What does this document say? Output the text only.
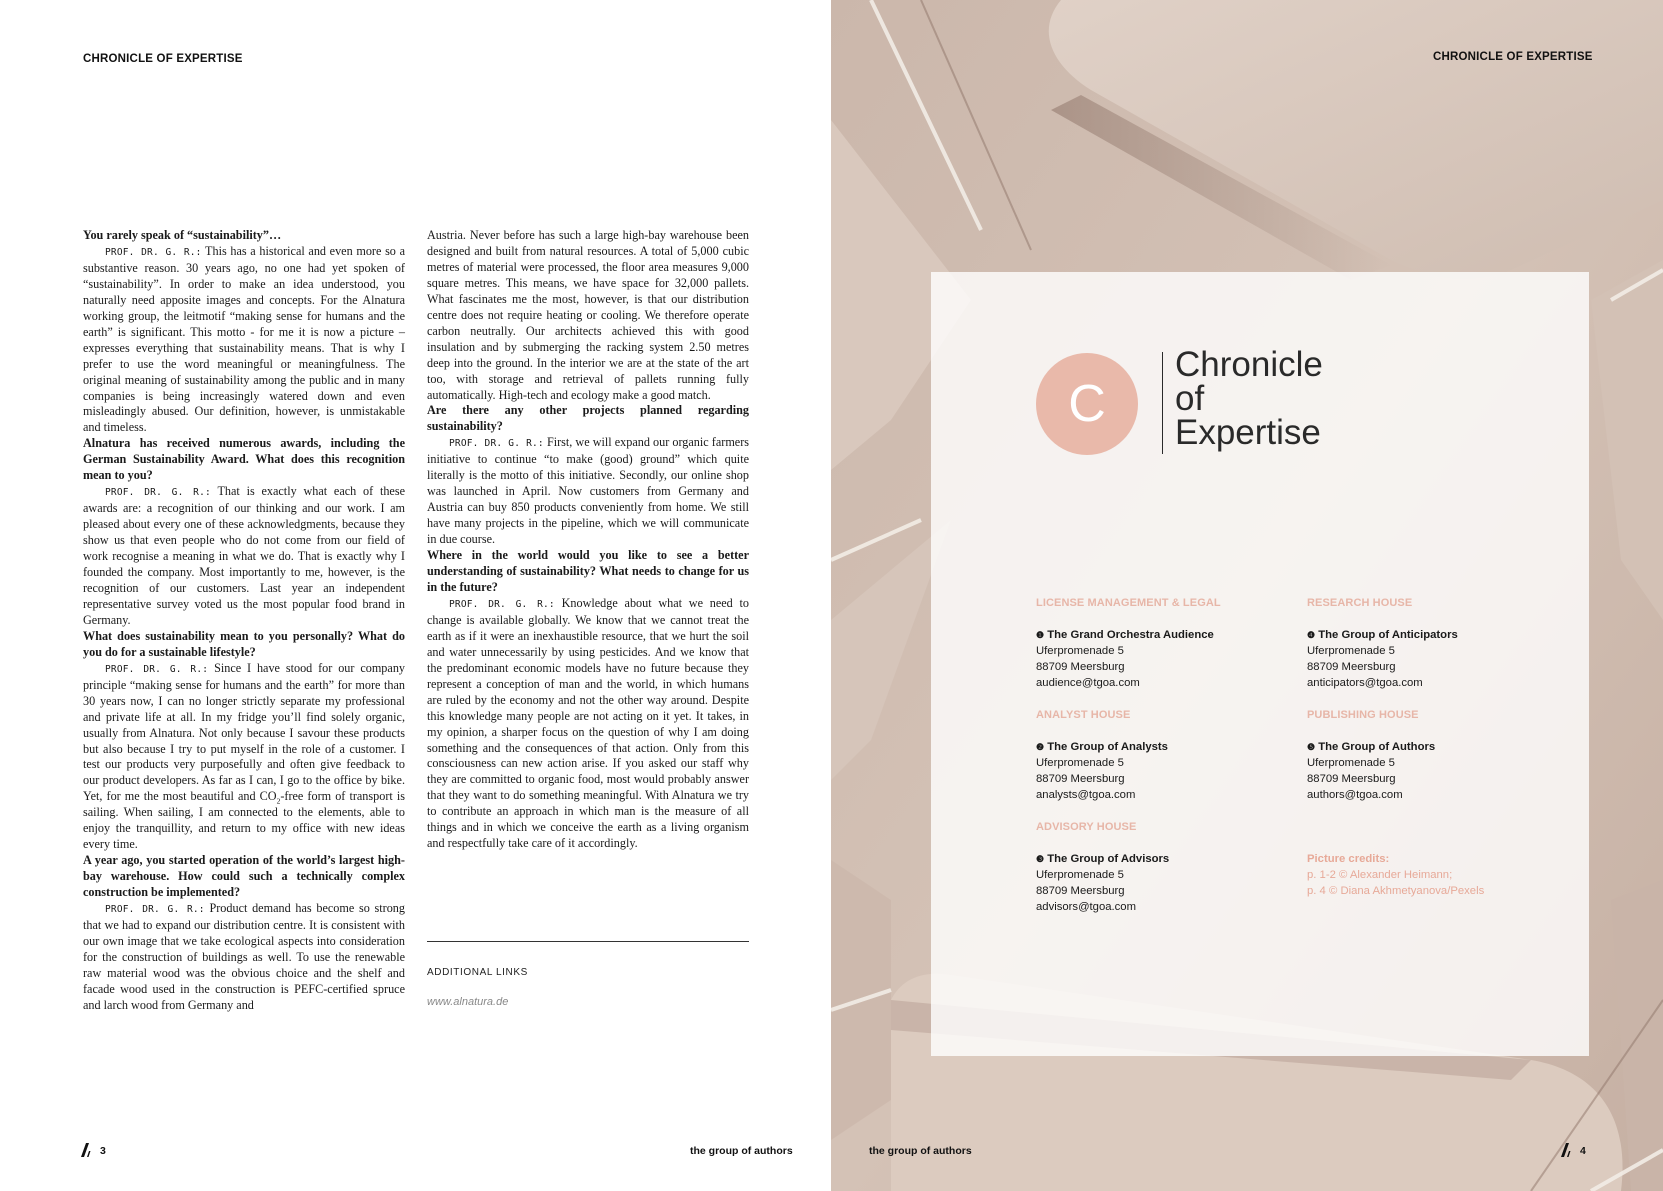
CHRONICLE OF EXPERTISE

You rarely speak of “sustainability”…

PROF. DR. G. R.: This has a historical and even more so a substantive reason. 30 years ago, no one had yet spoken of “sustainability”. In order to make an idea understood, you naturally need apposite images and concepts. For the Alnatura working group, the leitmotif “making sense for humans and the earth” is significant. This motto - for me it is now a picture – expresses everything that sustainability means. That is why I prefer to use the word meaningful or meaningfulness. The original meaning of sustainability among the public and in many companies is being increasingly watered down and even misleadingly abused. Our definition, however, is unmistakable and timeless.

Alnatura has received numerous awards, including the German Sustainability Award. What does this recognition mean to you?

PROF. DR. G. R.: That is exactly what each of these awards are: a recognition of our thinking and our work. I am pleased about every one of these acknowledgments, because they show us that even people who do not come from our field of work recognise a meaning in what we do. That is exactly why I founded the company. Most importantly to me, however, is the recognition of our customers. Last year an independent representative survey voted us the most popular food brand in Germany.

What does sustainability mean to you personally? What do you do for a sustainable lifestyle?

PROF. DR. G. R.: Since I have stood for our company principle “making sense for humans and the earth” for more than 30 years now, I can no longer strictly separate my professional and private life at all. In my fridge you’ll find solely organic, usually from Alnatura. Not only because I savour these products but also because I try to put myself in the role of a customer. I test our products very purposefully and often give feedback to our product developers. As far as I can, I go to the office by bike. Yet, for me the most beautiful and $CO_2$-free form of transport is sailing. When sailing, I am connected to the elements, able to enjoy the tranquillity, and return to my office with new ideas every time.

A year ago, you started operation of the world’s largest high-bay warehouse. How could such a technically complex construction be implemented?

PROF. DR. G. R.: Product demand has become so strong that we had to expand our distribution centre. It is consistent with our own image that we take ecological aspects into consideration for the construction of buildings as well. To use the renewable raw material wood was the obvious choice and the shelf and facade wood used in the construction is PEFC-certified spruce and larch wood from Germany and

Austria. Never before has such a large high-bay warehouse been designed and built from natural resources. A total of 5,000 cubic metres of material were processed, the floor area measures 9,000 square metres. This means, we have space for 32,000 pallets. What fascinates me the most, however, is that our distribution centre does not require heating or cooling. We therefore operate carbon neutrally. Our architects achieved this with good insulation and by submerging the racking system 2.50 metres deep into the ground. In the interior we are at the state of the art too, with storage and retrieval of pallets running fully automatically. High-tech and ecology make a good match.

Are there any other projects planned regarding sustainability?

PROF. DR. G. R.: First, we will expand our organic farmers initiative to continue “to make (good) ground” which quite literally is the motto of this initiative. Secondly, our online shop was launched in April. Now customers from Germany and Austria can buy 850 products conveniently from home. We still have many projects in the pipeline, which we will communicate in due course.

Where in the world would you like to see a better understanding of sustainability? What needs to change for us in the future?

PROF. DR. G. R.: Knowledge about what we need to change is available globally. We know that we cannot treat the earth as if it were an inexhaustible resource, that we hurt the soil and water unnecessarily by using pesticides. And we know that the predominant economic models have no future because they represent a conception of man and the world, in which humans are ruled by the economy and not the other way around. Despite this knowledge many people are not acting on it yet. It takes, in my opinion, a sharper focus on the question of why I am doing something and the consequences of that action. Only from this consciousness can new action arise. If you asked our staff why they are committed to organic food, most would probably answer that they want to do something meaningful. With Alnatura we try to contribute an approach in which man is the measure of all things and in which we conceive the earth as a living organism and respectfully take care of it accordingly.

ADDITIONAL LINKS
www.alnatura.de
3	the group of authors
CHRONICLE OF EXPERTISE
C
Chronicle
of
Expertise
LICENSE MANAGEMENT & LEGAL
❶ The Grand Orchestra Audience
Uferpromenade 5
88709 Meersburg
audience@tgoa.com
ANALYST HOUSE
❷ The Group of Analysts
Uferpromenade 5
88709 Meersburg
analysts@tgoa.com
ADVISORY HOUSE
❸ The Group of Advisors
Uferpromenade 5
88709 Meersburg
advisors@tgoa.com
RESEARCH HOUSE
❹ The Group of Anticipators
Uferpromenade 5
88709 Meersburg
anticipators@tgoa.com
PUBLISHING HOUSE
❺ The Group of Authors
Uferpromenade 5
88709 Meersburg
authors@tgoa.com
Picture credits:
p. 1-2 © Alexander Heimann;
p. 4 © Diana Akhmetyanova/Pexels
the group of authors	4
